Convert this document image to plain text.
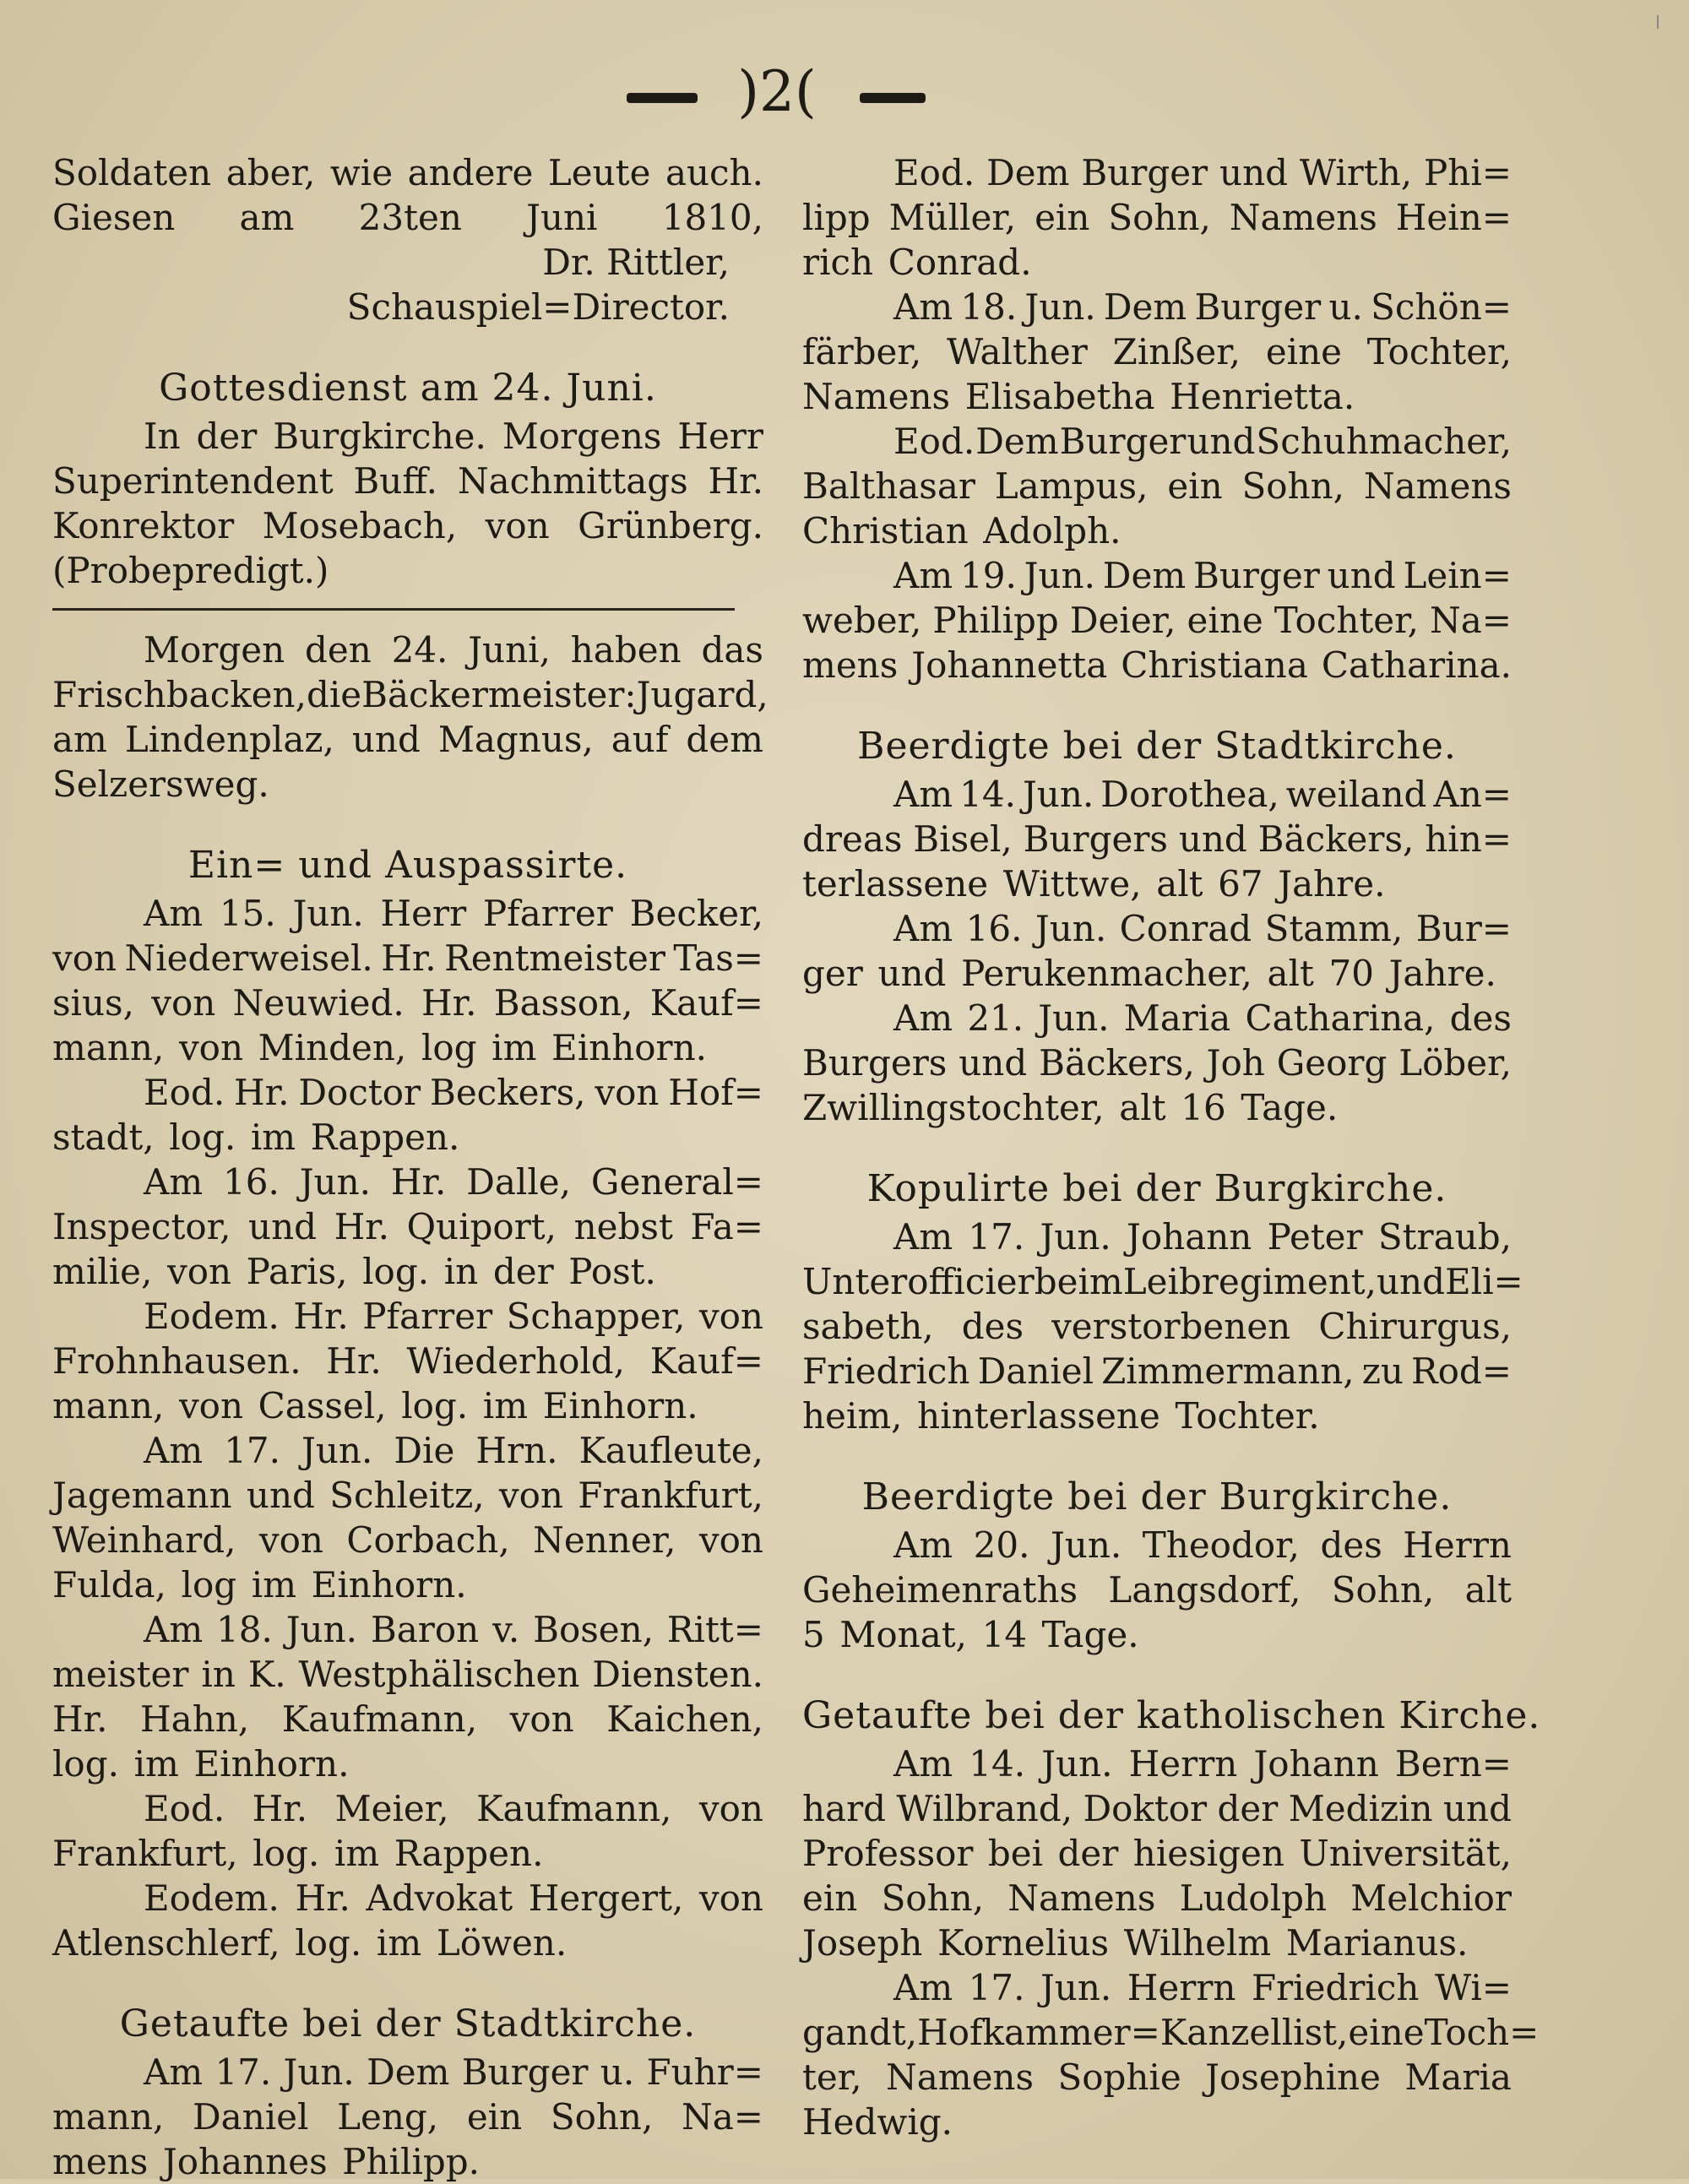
)2(
Soldaten aber, wie andere Leute auch.
Giesen am 23ten Juni 1810,
Dr. Rittler,
Schauspiel=Director.
Gottesdienst am 24. Juni.
In der Burgkirche. Morgens Herr
Superintendent Buff. Nachmittags Hr.
Konrektor Mosebach, von Grünberg.
(Probepredigt.)
Morgen den 24. Juni, haben das
Frischbacken, die Bäckermeister: Jugard,
am Lindenplaz, und Magnus, auf dem
Selzersweg.
Ein= und Auspassirte.
Am 15. Jun. Herr Pfarrer Becker,
von Niederweisel. Hr. Rentmeister Tas=
sius, von Neuwied. Hr. Basson, Kauf=
mann, von Minden, log im Einhorn.
Eod. Hr. Doctor Beckers, von Hof=
stadt, log. im Rappen.
Am 16. Jun. Hr. Dalle, General=
Inspector, und Hr. Quiport, nebst Fa=
milie, von Paris, log. in der Post.
Eodem. Hr. Pfarrer Schapper, von
Frohnhausen. Hr. Wiederhold, Kauf=
mann, von Cassel, log. im Einhorn.
Am 17. Jun. Die Hrn. Kaufleute,
Jagemann und Schleitz, von Frankfurt,
Weinhard, von Corbach, Nenner, von
Fulda, log im Einhorn.
Am 18. Jun. Baron v. Bosen, Ritt=
meister in K. Westphälischen Diensten.
Hr. Hahn, Kaufmann, von Kaichen,
log. im Einhorn.
Eod. Hr. Meier, Kaufmann, von
Frankfurt, log. im Rappen.
Eodem. Hr. Advokat Hergert, von
Atlenschlerf, log. im Löwen.
Getaufte bei der Stadtkirche.
Am 17. Jun. Dem Burger u. Fuhr=
mann, Daniel Leng, ein Sohn, Na=
mens Johannes Philipp.
Eod. Dem Burger und Wirth, Phi=
lipp Müller, ein Sohn, Namens Hein=
rich Conrad.
Am 18. Jun. Dem Burger u. Schön=
färber, Walther Zinßer, eine Tochter,
Namens Elisabetha Henrietta.
Eod. Dem Burger und Schuhmacher,
Balthasar Lampus, ein Sohn, Namens
Christian Adolph.
Am 19. Jun. Dem Burger und Lein=
weber, Philipp Deier, eine Tochter, Na=
mens Johannetta Christiana Catharina.
Beerdigte bei der Stadtkirche.
Am 14. Jun. Dorothea, weiland An=
dreas Bisel, Burgers und Bäckers, hin=
terlassene Wittwe, alt 67 Jahre.
Am 16. Jun. Conrad Stamm, Bur=
ger und Perukenmacher, alt 70 Jahre.
Am 21. Jun. Maria Catharina, des
Burgers und Bäckers, Joh Georg Löber,
Zwillingstochter, alt 16 Tage.
Kopulirte bei der Burgkirche.
Am 17. Jun. Johann Peter Straub,
Unterofficier beim Leibregiment, und Eli=
sabeth, des verstorbenen Chirurgus,
Friedrich Daniel Zimmermann, zu Rod=
heim, hinterlassene Tochter.
Beerdigte bei der Burgkirche.
Am 20. Jun. Theodor, des Herrn
Geheimenraths Langsdorf, Sohn, alt
5 Monat, 14 Tage.
Getaufte bei der katholischen Kirche.
Am 14. Jun. Herrn Johann Bern=
hard Wilbrand, Doktor der Medizin und
Professor bei der hiesigen Universität,
ein Sohn, Namens Ludolph Melchior
Joseph Kornelius Wilhelm Marianus.
Am 17. Jun. Herrn Friedrich Wi=
gandt, Hofkammer=Kanzellist, eine Toch=
ter, Namens Sophie Josephine Maria
Hedwig.
